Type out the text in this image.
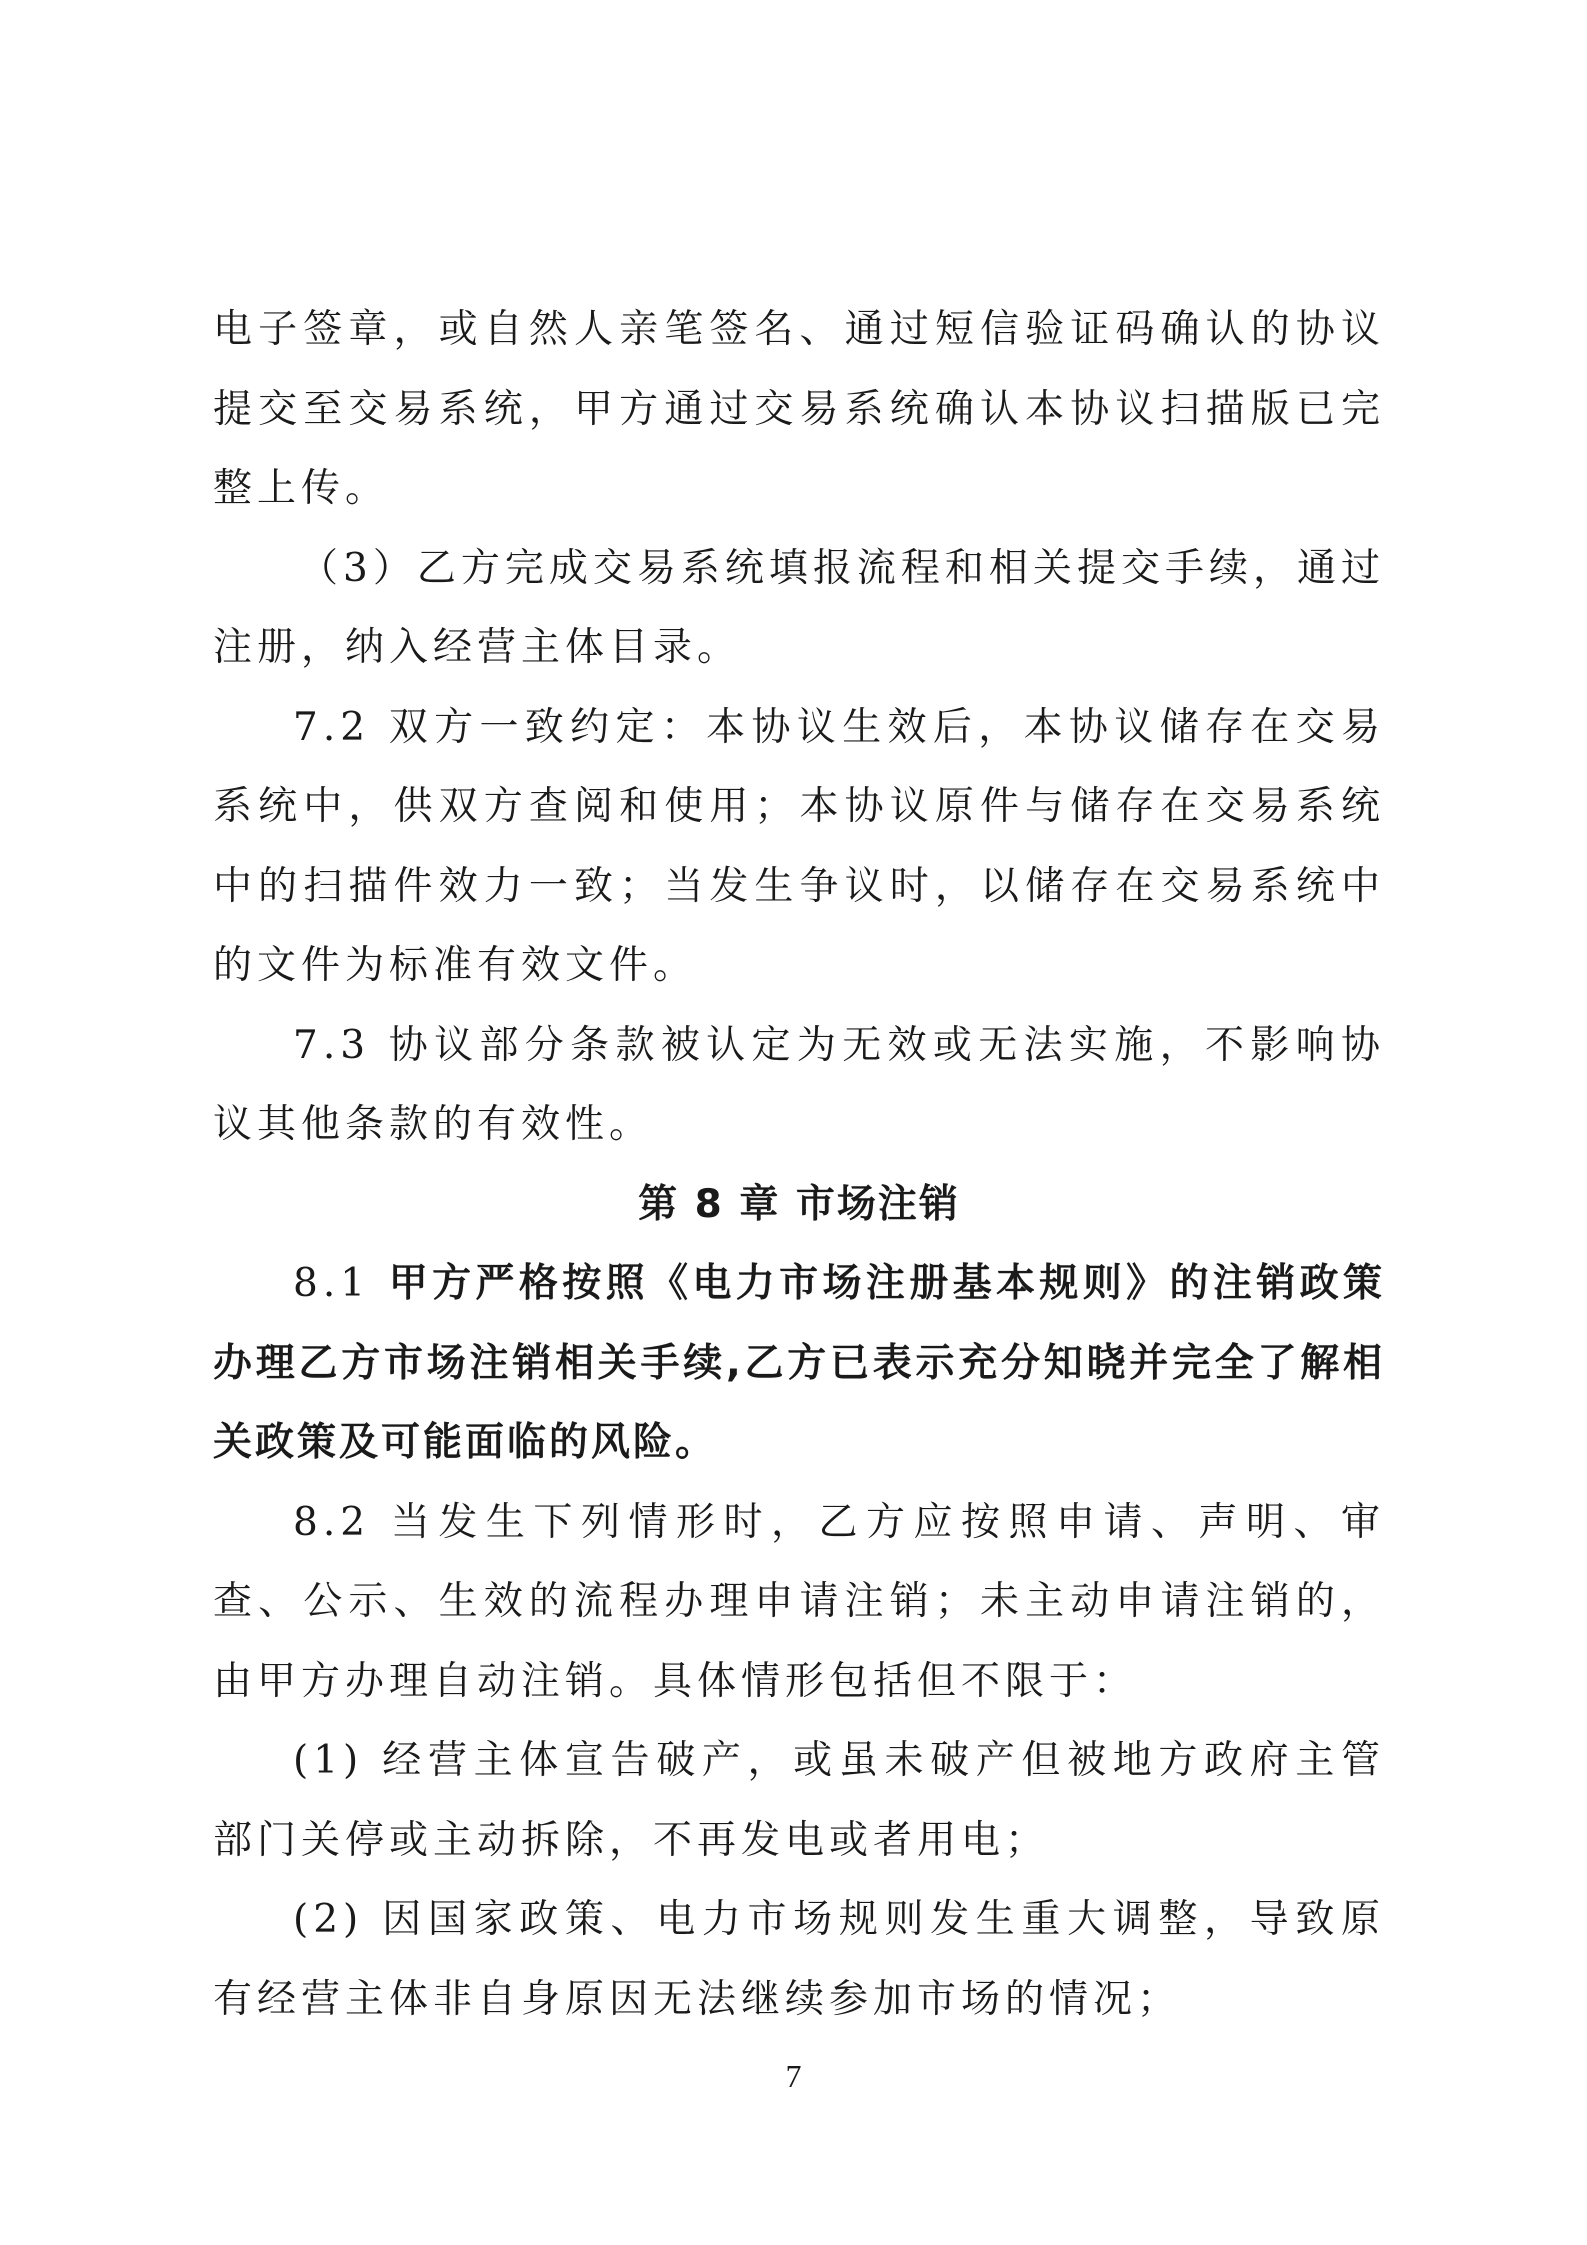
电子签章，或自然人亲笔签名、通过短信验证码确认的协议提交至交易系统，甲方通过交易系统确认本协议扫描版已完整上传。

（3）乙方完成交易系统填报流程和相关提交手续，通过注册，纳入经营主体目录。

7.2 双方一致约定：本协议生效后，本协议储存在交易系统中，供双方查阅和使用；本协议原件与储存在交易系统中的扫描件效力一致；当发生争议时，以储存在交易系统中的文件为标准有效文件。

7.3 协议部分条款被认定为无效或无法实施，不影响协议其他条款的有效性。

第 8 章 市场注销

8.1 甲方严格按照《电力市场注册基本规则》的注销政策办理乙方市场注销相关手续,乙方已表示充分知晓并完全了解相关政策及可能面临的风险。

8.2 当发生下列情形时，乙方应按照申请、声明、审查、公示、生效的流程办理申请注销；未主动申请注销的，由甲方办理自动注销。具体情形包括但不限于：

(1) 经营主体宣告破产，或虽未破产但被地方政府主管部门关停或主动拆除，不再发电或者用电；

(2) 因国家政策、电力市场规则发生重大调整，导致原有经营主体非自身原因无法继续参加市场的情况；

7
